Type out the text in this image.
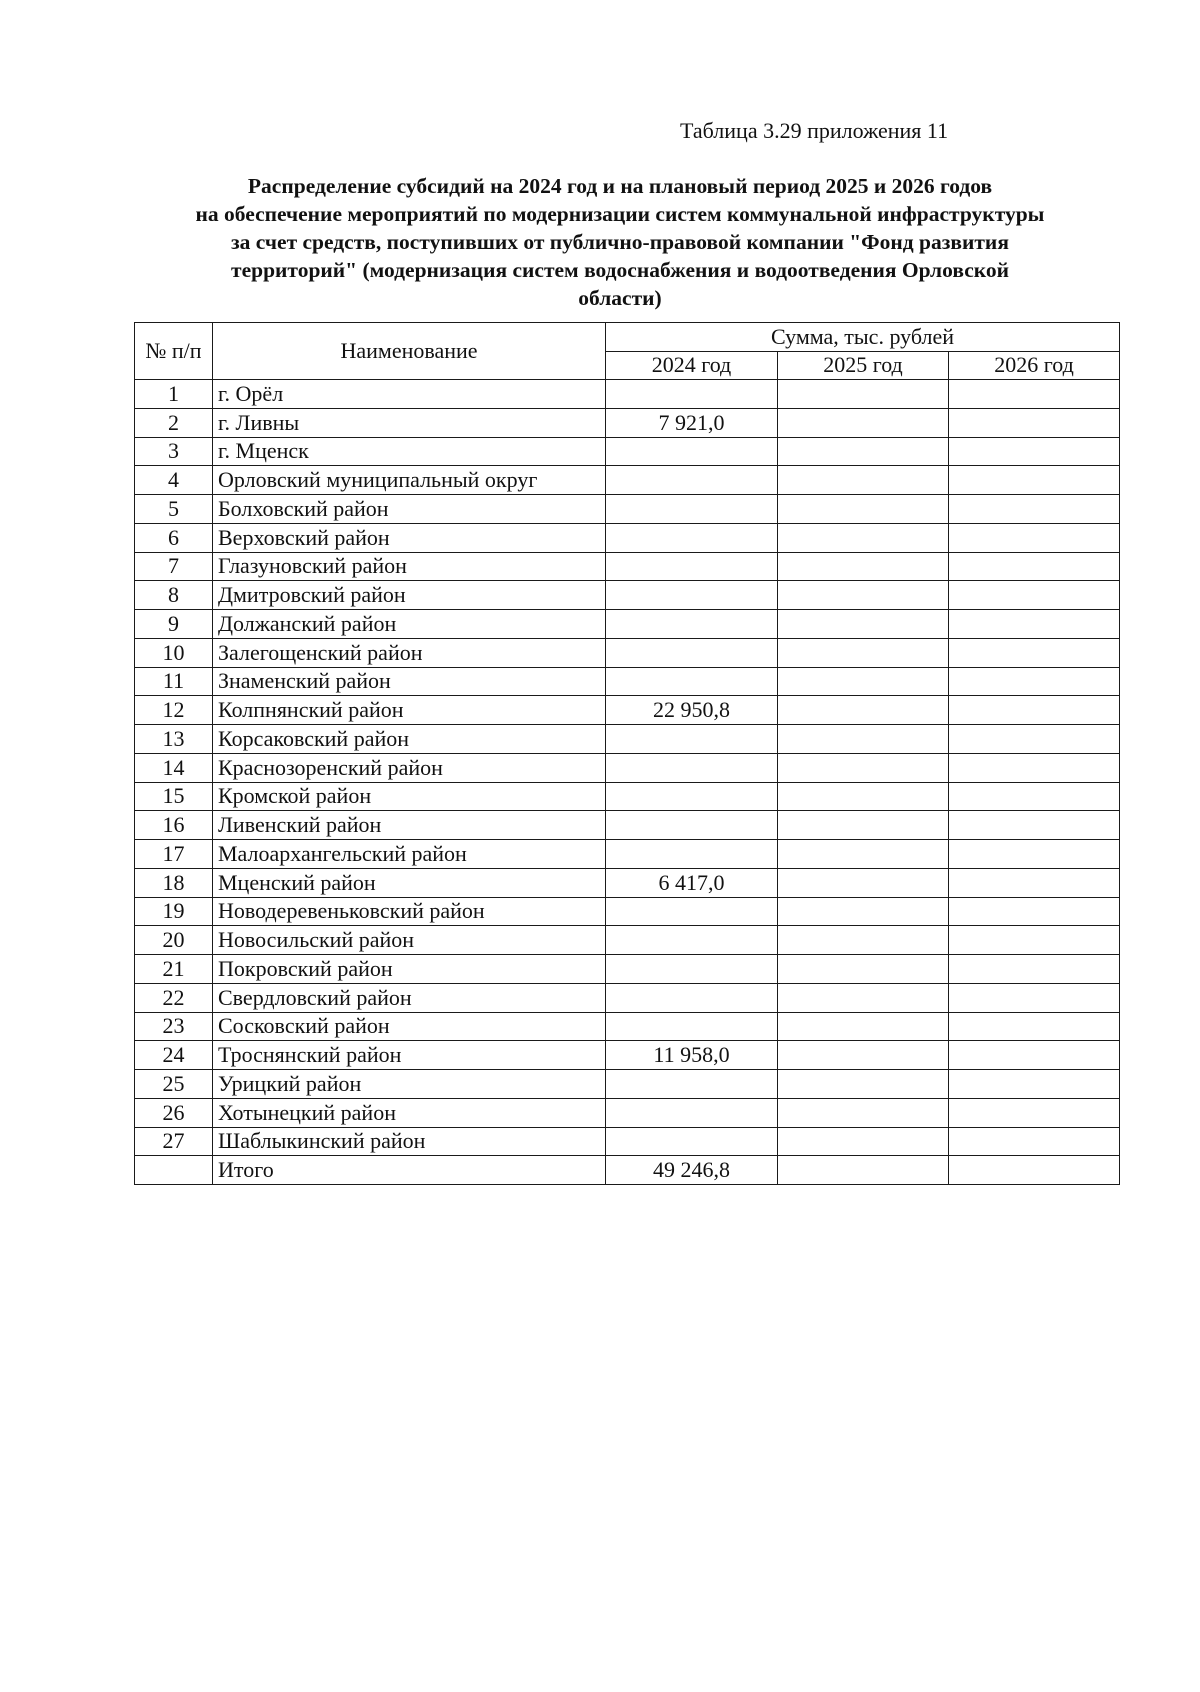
Таблица 3.29 приложения 11
Распределение субсидий на 2024 год и на плановый период 2025 и 2026 годов
на обеспечение мероприятий по модернизации систем коммунальной инфраструктуры
за счет средств, поступивших от публично-правовой компании "Фонд развития
территорий" (модернизация систем водоснабжения и водоотведения Орловской
области)
№ п/п	Наименование	Сумма, тыс. рублей		
		2024 год	2025 год	2026 год
1	г. Орёл			
2	г. Ливны	7 921,0		
3	г. Мценск			
4	Орловский муниципальный округ			
5	Болховский район			
6	Верховский район			
7	Глазуновский район			
8	Дмитровский район			
9	Должанский район			
10	Залегощенский район			
11	Знаменский район			
12	Колпнянский район	22 950,8		
13	Корсаковский район			
14	Краснозоренский район			
15	Кромской район			
16	Ливенский район			
17	Малоархангельский район			
18	Мценский район	6 417,0		
19	Новодеревеньковский район			
20	Новосильский район			
21	Покровский район			
22	Свердловский район			
23	Сосковский район			
24	Троснянский район	11 958,0		
25	Урицкий район			
26	Хотынецкий район			
27	Шаблыкинский район			
	Итого	49 246,8		
